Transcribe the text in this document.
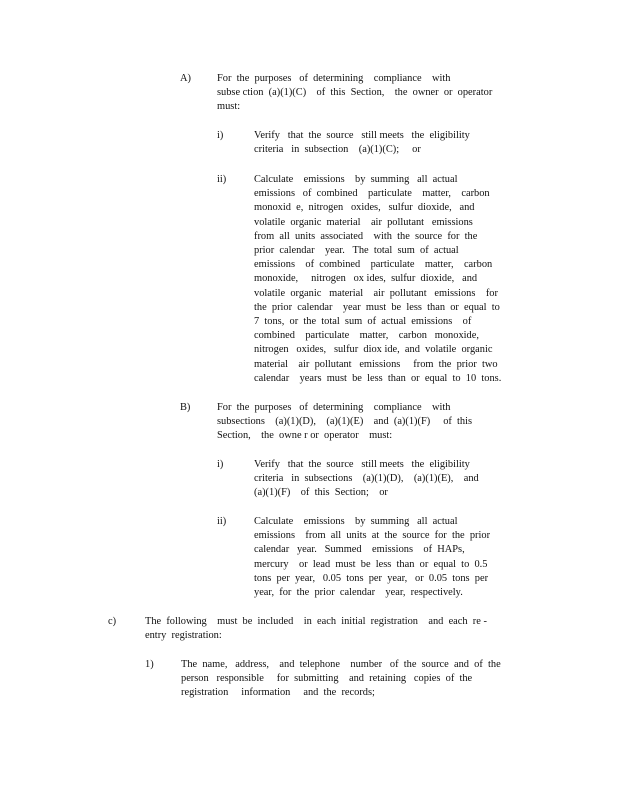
A)	For  the  purposes   of  determining    compliance    with
subse ction  (a)(1)(C)    of  this  Section,    the  owner  or  operator
must:
i)	Verify   that  the  source   still meets   the  eligibility
criteria   in  subsection    (a)(1)(C);     or
ii)	Calculate    emissions    by  summing   all  actual
emissions   of  combined    particulate    matter,    carbon
monoxid  e,  nitrogen   oxides,   sulfur  dioxide,   and
volatile  organic  material    air  pollutant   emissions
from  all  units  associated    with  the  source  for  the
prior  calendar    year.   The  total  sum  of  actual
emissions    of  combined    particulate    matter,    carbon
monoxide,     nitrogen   ox ides,  sulfur  dioxide,   and
volatile  organic   material    air  pollutant   emissions    for
the  prior  calendar    year  must  be  less  than  or  equal  to
7  tons,  or  the  total  sum  of  actual  emissions    of
combined    particulate    matter,    carbon   monoxide,
nitrogen   oxides,   sulfur  diox ide,  and  volatile  organic
material    air  pollutant   emissions     from  the  prior  two
calendar    years  must  be  less  than  or  equal  to  10  tons.
B)	For  the  purposes   of  determining    compliance    with
subsections    (a)(1)(D),    (a)(1)(E)    and  (a)(1)(F)     of  this
Section,    the  owne r or  operator    must:
i)	Verify   that  the  source   still meets   the  eligibility
criteria   in  subsections    (a)(1)(D),    (a)(1)(E),    and
(a)(1)(F)    of  this  Section;    or
ii)	Calculate    emissions    by  summing   all  actual
emissions    from  all  units  at  the  source  for  the  prior
calendar   year.   Summed    emissions    of  HAPs,
mercury    or  lead  must  be  less  than  or  equal  to  0.5
tons  per  year,   0.05  tons  per  year,   or  0.05  tons  per
year,  for  the  prior  calendar    year,  respectively.
c)	The  following    must  be  included    in  each  initial  registration    and  each  re -
entry  registration:
1)	The  name,   address,    and  telephone    number   of  the  source  and  of  the
person   responsible     for  submitting    and  retaining   copies  of  the
registration     information     and  the  records;
